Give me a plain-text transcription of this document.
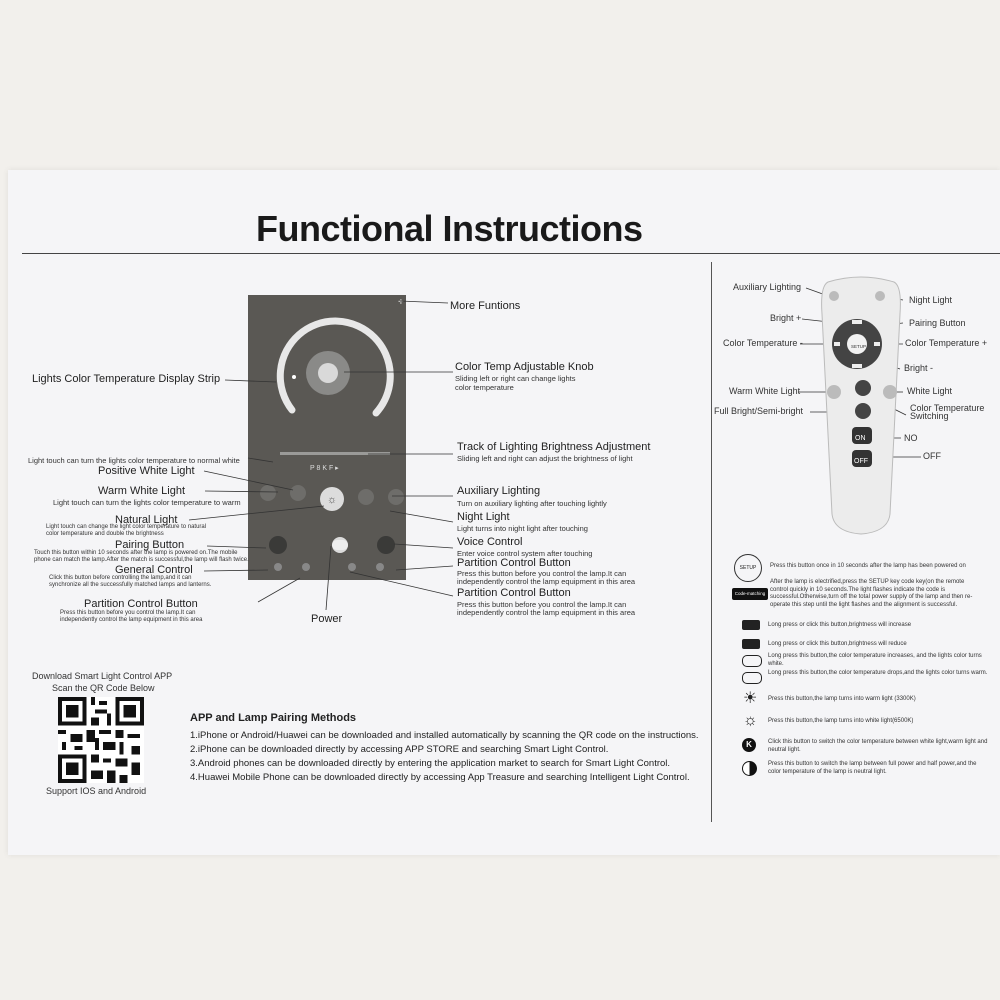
Functional Instructions
+
P 8 K F ▸
☼
More Funtions
Color Temp Adjustable Knob
Sliding left or right can change lights
color temperature
Track of Lighting Brightness Adjustment
Sliding left and right can adjust the brightness of light
Auxiliary Lighting
Turn on auxiliary lighting after touching lightly
Night Light
Light turns into night light after touching
Voice Control
Enter voice control system after touching
Partition Control Button
Press this button before you control the lamp.It can
independently control the lamp equipment in this area
Partition Control Button
Press this button before you control the lamp.It can
independently control the lamp equipment in this area
Lights Color Temperature Display Strip
Light touch can turn the lights color temperature to normal white
Positive White Light
Warm White Light
Light touch can turn the lights color temperature to warm
Natural Light
Light touch can change the light color temperature to natural
color temperature and double the brightness
Pairing Button
Touch this button within 10 seconds after the lamp is powered on.The mobile
phone can match the lamp.After the match is successful,the lamp will flash twice.
General Control
Click this button before controlling the lamp,and it can
synchronize all the successfully matched lamps and lanterns.
Partition Control Button
Press this button before you control the lamp.It can
independently control the lamp equipment in this area	Power
Download Smart Light Control APP
Scan the QR Code Below
Support IOS and Android
APP and Lamp Pairing Methods
1.iPhone or Android/Huawei can be downloaded and installed automatically by scanning the QR code on the instructions.
2.iPhone can be downloaded directly by accessing APP STORE and searching Smart Light Control.
3.Android phones can be downloaded directly by entering the application market to search for Smart Light Control.
4.Huawei Mobile Phone can be downloaded directly by accessing App Treasure and searching Intelligent Light Control.
ON
OFF
SETUP
Auxiliary Lighting
Night Light
Bright +	Pairing Button
Color Temperature -	Color Temperature +
Bright -
Warm White Light	White Light
Full Bright/Semi-bright	Color Temperature
Switching
NO
OFF
SETUP	Press this button once in 10 seconds after the lamp has been powered on
Code-matching
After the lamp is electrified,press the SETUP key code key(on the remote control quickly in 10 seconds.The light flashes indicate the code is successful.Otherwise,turn off the total power supply of the lamp and then re-operate this step until the light flashes and the alignment is successful.
Long press or click this button,brightness will increase
Long press or click this button,brightness will reduce
Long press this button,the color temperature increases, and the lights color turns white.
Long press this button,the color temperature drops,and the lights color turns warm.
☀ Press this button,the lamp turns into warm light (3300K)
☼ Press this button,the lamp turns into white light(6500K)
K	Click this button to switch the color temperature between white light,warm light and neutral light.
Press this button to switch the lamp between full power and half power,and the color temperature of the lamp is neutral light.
